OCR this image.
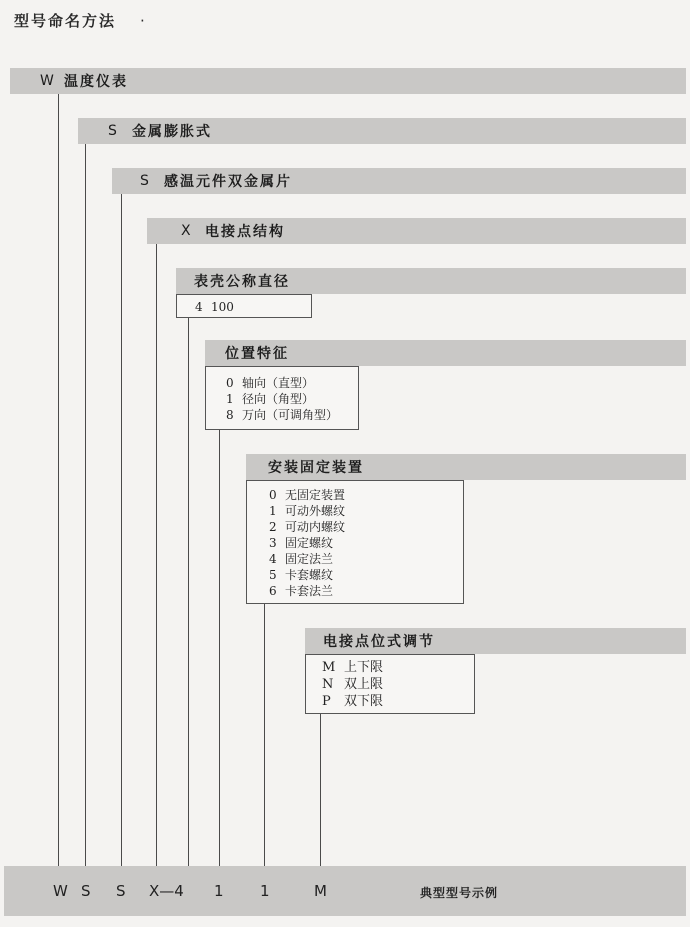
型号命名方法 ·
W 温度仪表
S	金属膨胀式
S	感温元件双金属片
X	电接点结构
表壳公称直径
位置特征
安装固定装置
电接点位式调节
4 100
0 轴向（直型）
1 径向（角型）
8 万向（可调角型）
0 无固定装置
1 可动外螺纹
2 可动内螺纹
3 固定螺纹
4 固定法兰
5 卡套螺纹
6 卡套法兰
M 上下限
N 双上限
P 双下限
W S S X—4 1 1	M	典型型号示例
